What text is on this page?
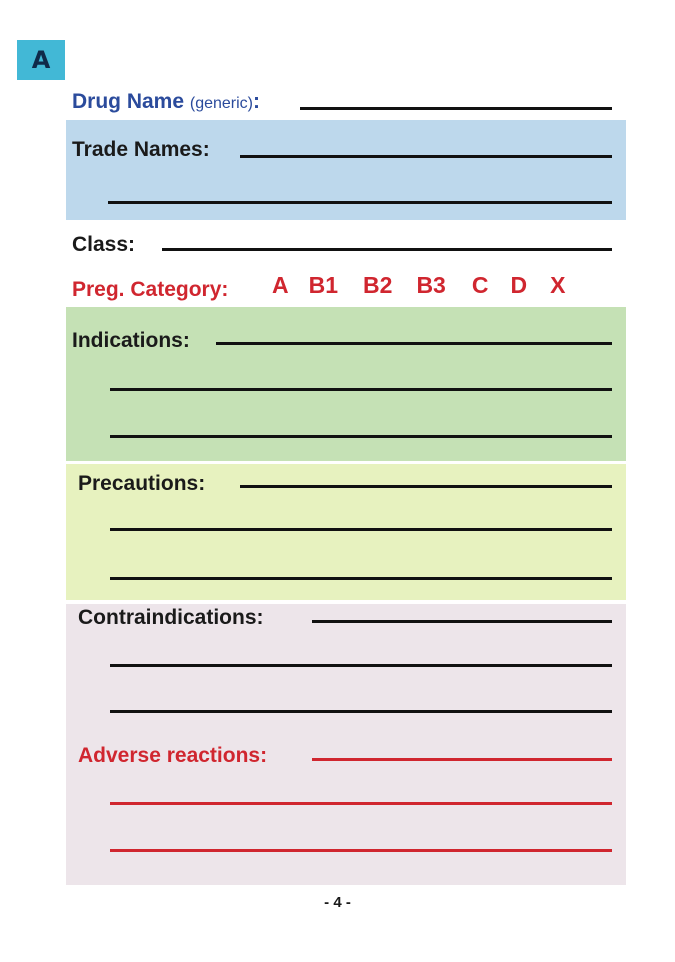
A
Drug Name (generic):
Trade Names:
Class:
Preg. Category: A B1 B2 B3 C D X
Indications:
Precautions:
Contraindications:
Adverse reactions:
- 4 -
